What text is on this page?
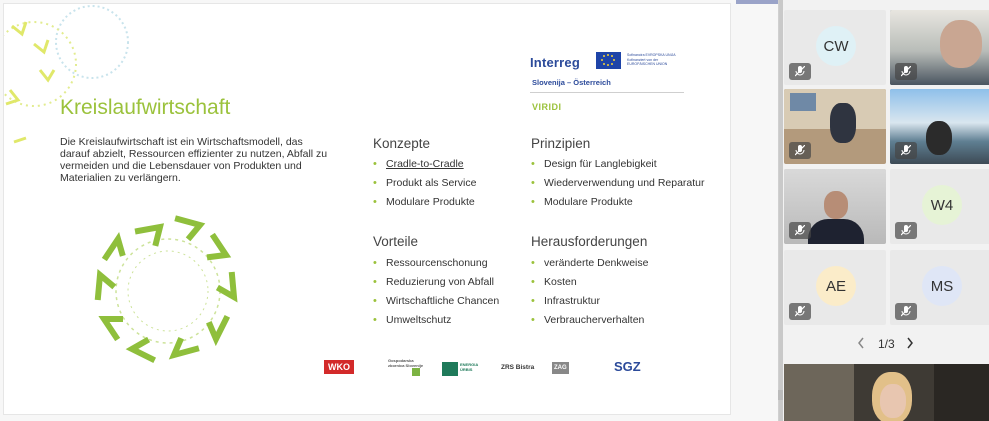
Kreislaufwirtschaft
Die Kreislaufwirtschaft ist ein Wirtschaftsmodell, das darauf abzielt, Ressourcen effizienter zu nutzen, Abfall zu vermeiden und die Lebensdauer von Produkten und Materialien zu verlängern.
Interreg	Sofinancira EVROPSKA UNIJA Kofinanziert von der EUROPÄISCHEN UNION
Slovenija – Österreich
VIRIDI
Konzepte
• Cradle-to-Cradle
• Produkt als Service
• Modulare Produkte
Prinzipien
• Design für Langlebigkeit
• Wiederverwendung und Reparatur
• Modulare Produkte
Vorteile
• Ressourcenschonung
• Reduzierung von Abfall
• Wirtschaftliche Chancen
• Umweltschutz
Herausforderungen
• veränderte Denkweise
• Kosten
• Infrastruktur
• Verbraucherverhalten
WKO
Gospodarska zbornica Slovenije	ENERGIA ÚRBIS	ZRS Bistra	ZAG	SGZ
CW
W4
AE	MS
1/3
